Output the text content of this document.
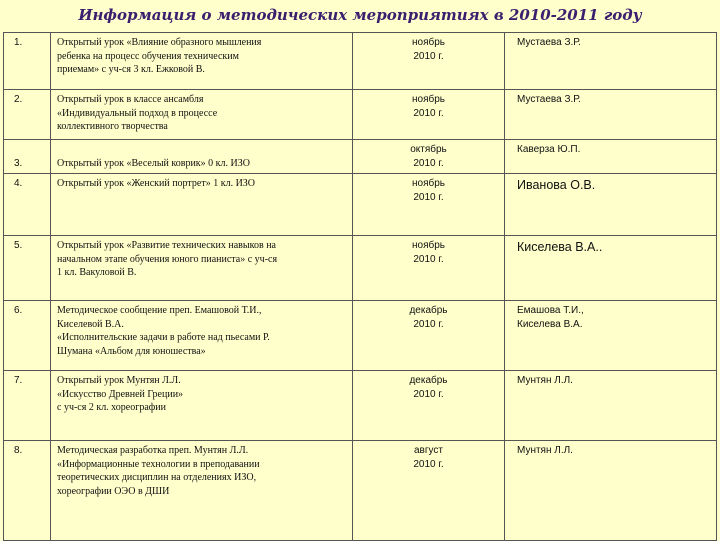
Информация о методических мероприятиях в 2010-2011 году
1.	Открытый урок «Влияние образного мышления
ребенка на процесс обучения техническим
приемам» с уч-ся 3 кл. Ежковой В.	ноябрь
2010 г.	Мустаева З.Р.

2.	Открытый урок в классе ансамбля
«Индивидуальный подход в процессе
коллективного творчества	ноябрь
2010 г.	Мустаева З.Р.

3.	Открытый урок «Веселый коврик» 0 кл. ИЗО	октябрь
2010 г.	Каверза Ю.П.

4.	Открытый урок «Женский портрет» 1 кл. ИЗО	ноябрь
2010 г.	Иванова О.В.

5.	Открытый урок «Развитие технических навыков на
начальном этапе обучения юного пианиста» с уч-ся
1 кл. Вакуловой В.	ноябрь
2010 г.	Киселева В.А..

6.	Методическое сообщение преп. Емашовой Т.И.,
Киселевой В.А.
«Исполнительские задачи в работе над пьесами Р.
Шумана «Альбом для юношества»	декабрь
2010 г.	Емашова Т.И.,
Киселева В.А.

7.	Открытый урок Мунтян Л.Л.
«Искусство Древней Греции»
с уч-ся 2 кл. хореографии	декабрь
2010 г.	Мунтян Л.Л.

8.	Методическая разработка преп. Мунтян Л.Л.
«Информационные технологии в преподавании
теоретических дисциплин на отделениях ИЗО,
хореографии ОЭО в ДШИ	август
2010 г.	Мунтян Л.Л.
